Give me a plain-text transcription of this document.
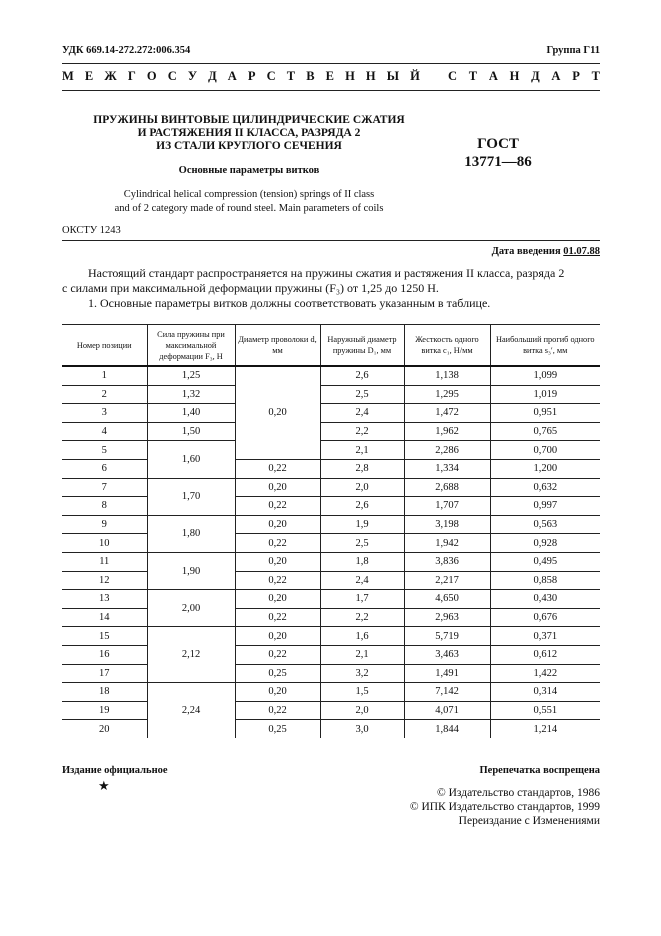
УДК 669.14-272.272:006.354	Группа Г11
М Е Ж Г О С У Д А Р С Т В Е Н Н Ы Й С Т А Н Д А Р Т
ПРУЖИНЫ ВИНТОВЫЕ ЦИЛИНДРИЧЕСКИЕ СЖАТИЯ
И РАСТЯЖЕНИЯ II КЛАССА, РАЗРЯДА 2
ИЗ СТАЛИ КРУГЛОГО СЕЧЕНИЯ
Основные параметры витков
Cylindrical helical compression (tension) springs of II class
and of 2 category made of round steel. Main parameters of coils
ГОСТ
13771—86
ОКСТУ 1243
Дата введения 01.07.88
Настоящий стандарт распространяется на пружины сжатия и растяжения II класса, разряда 2
с силами при максимальной деформации пружины (F₃) от 1,25 до 1250 Н.
1. Основные параметры витков должны соответствовать указанным в таблице.
Номер позиции	Сила пружины при максимальной деформации F₃, Н	Диаметр проволоки d, мм	Наружный диаметр пружины D₁, мм	Жесткость одного витка c₁, Н/мм	Наибольший прогиб одного витка s₃′, мм
1	1,25	0,20	2,6	1,138	1,099
2	1,32		2,5	1,295	1,019
3	1,40		2,4	1,472	0,951
4	1,50		2,2	1,962	0,765
5	1,60		2,1	2,286	0,700
6		0,22	2,8	1,334	1,200
7	1,70	0,20	2,0	2,688	0,632
8		0,22	2,6	1,707	0,997
9	1,80	0,20	1,9	3,198	0,563
10		0,22	2,5	1,942	0,928
11	1,90	0,20	1,8	3,836	0,495
12		0,22	2,4	2,217	0,858
13	2,00	0,20	1,7	4,650	0,430
14		0,22	2,2	2,963	0,676
15	2,12	0,20	1,6	5,719	0,371
16		0,22	2,1	3,463	0,612
17		0,25	3,2	1,491	1,422
18	2,24	0,20	1,5	7,142	0,314
19		0,22	2,0	4,071	0,551
20		0,25	3,0	1,844	1,214
Издание официальное	Перепечатка воспрещена
★	© Издательство стандартов, 1986
© ИПК Издательство стандартов, 1999
Переиздание с Изменениями
